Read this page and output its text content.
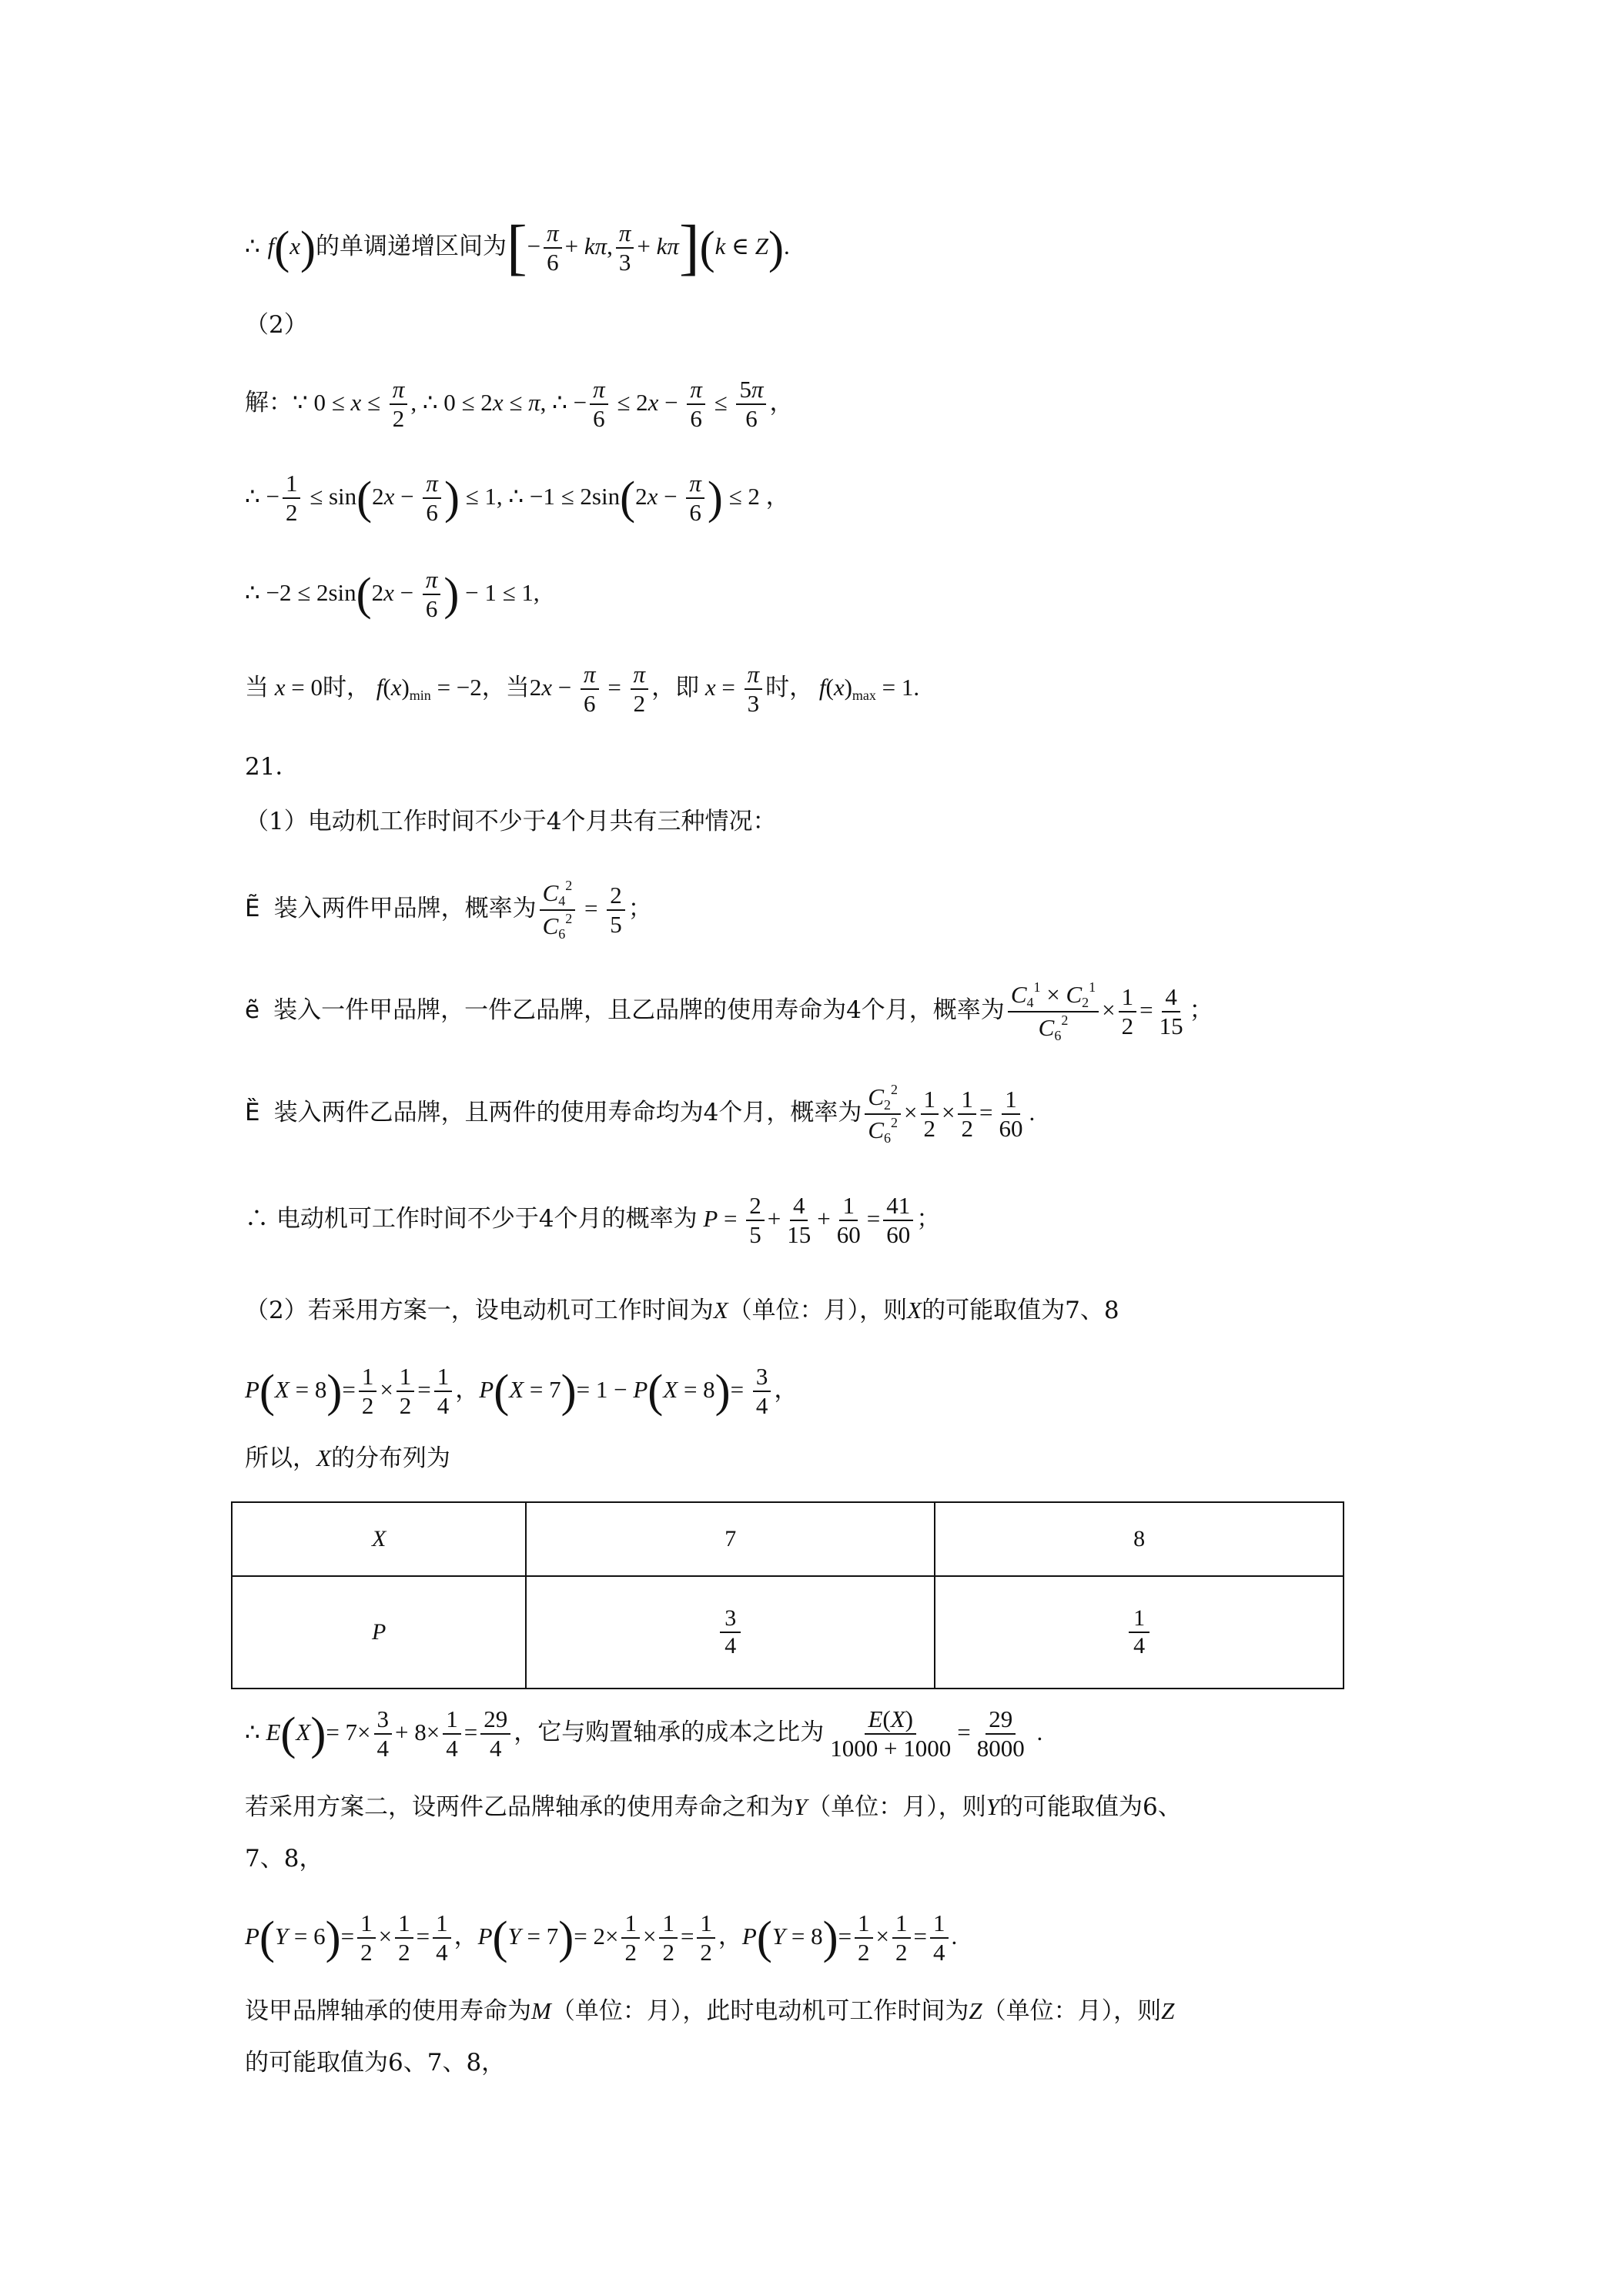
∴ f(x)的单调递增区间为[− $\frac{\pi}{6} + k\pi$, $\frac{\pi}{3} + k\pi](k$ ∈ Z).
（2）
解：∵ $0 \le x \le \frac{\pi}{2}$ , ∴ 0 ≤ 2x ≤ π, ∴ − $\frac{\pi}{6} \le 2x - \frac{\pi}{6} \le \frac{5\pi}{6}$ ，
∴ − $\frac{1}{2} \le \sin(2x - \frac{\pi}{6}$ ) ≤ 1, ∴ $-1 \le 2\sin(2x - \frac{\pi}{6}$ ) ≤ 2 ，
∴ $-2 \le 2\sin(2x - \frac{\pi}{6}$ ) − 1 ≤ 1,
当 x = 0时， $f(x)_{min} = -2$，当$2x - \frac{\pi}{6} = \frac{\pi}{2}$ ，即 $x = \frac{\pi}{3}$ 时， $f(x)_{max} = 1$.
21．
（1）电动机工作时间不少于4个月共有三种情况：
Ẽ 装入两件甲品牌，概率为 $\frac{C_4^2}{C_6^2} = \frac{2}{5}$ ；
ẽ 装入一件甲品牌，一件乙品牌，且乙品牌的使用寿命为4个月，概率为 $\frac{C_4^1 \times C_2^1}{C_6^2} \times \frac{1}{2} = \frac{4}{15}$ ；
Ȅ 装入两件乙品牌，且两件的使用寿命均为4个月，概率为 $\frac{C_2^2}{C_6^2} \times \frac{1}{2} \times \frac{1}{2} = \frac{1}{60}$ .
∴ 电动机可工作时间不少于4个月的概率为 $P = \frac{2}{5} + \frac{4}{15} + \frac{1}{60} = \frac{41}{60}$ ；
（2）若采用方案一，设电动机可工作时间为X（单位：月），则X的可能取值为7、8
$P(X = 8)= \frac{1}{2} \times \frac{1}{2} = \frac{1}{4}$ ，$P(X = 7)= 1 - P(X = 8)= \frac{3}{4}$ ，
所以，X的分布列为
X	7	8
P	$\frac{3}{4}$	$\frac{1}{4}$
∴ $E(X)= 7\times \frac{3}{4} + 8\times \frac{1}{4} = \frac{29}{4}$ ，它与购置轴承的成本之比为 $\frac{E(X)}{1000 + 1000} = \frac{29}{8000}$ .
若采用方案二，设两件乙品牌轴承的使用寿命之和为Y（单位：月），则Y的可能取值为6、
7、8，
$P(Y = 6)= \frac{1}{2} \times \frac{1}{2} = \frac{1}{4}$ ，$P(Y = 7)= 2\times \frac{1}{2} \times \frac{1}{2} = \frac{1}{2}$ ，$P(Y = 8)= \frac{1}{2} \times \frac{1}{2} = \frac{1}{4}$ .
设甲品牌轴承的使用寿命为M（单位：月），此时电动机可工作时间为Z（单位：月），则Z
的可能取值为6、7、8，
